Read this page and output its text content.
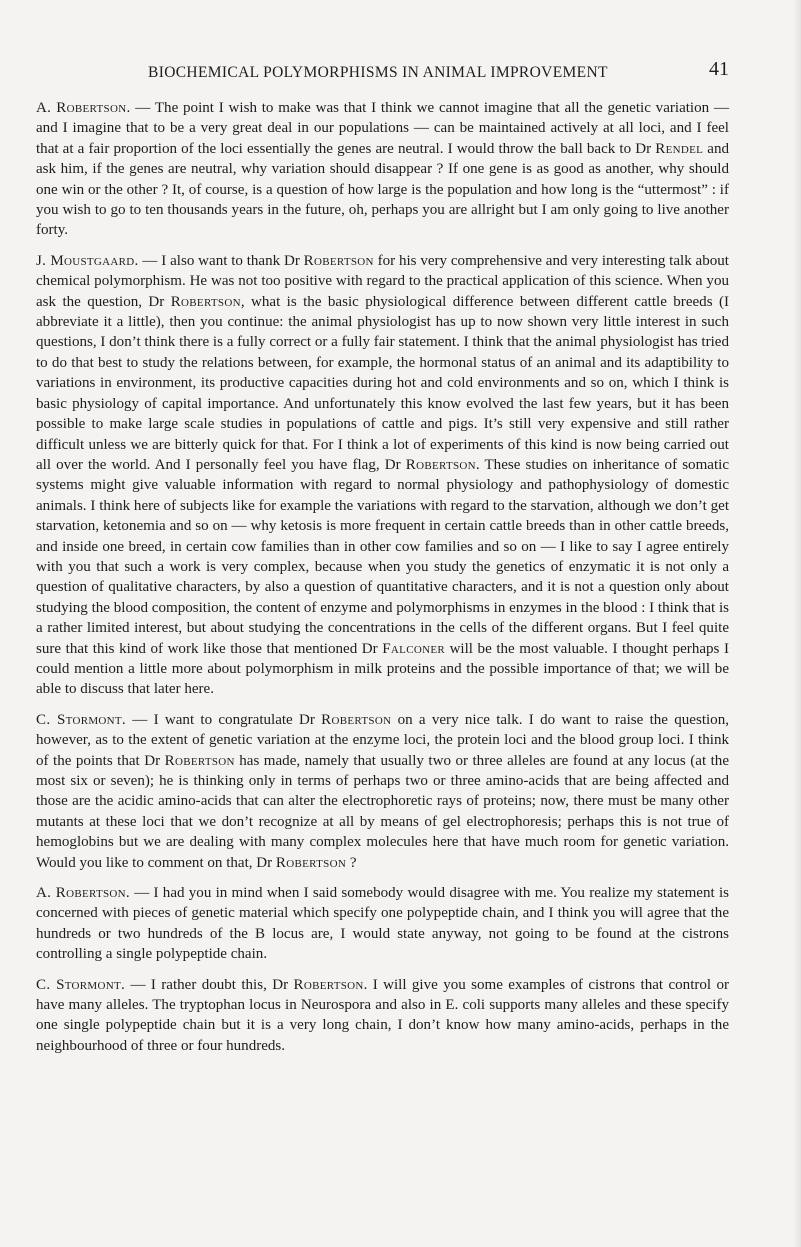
BIOCHEMICAL POLYMORPHISMS IN ANIMAL IMPROVEMENT	41

A. Robertson. — The point I wish to make was that I think we cannot imagine that all the genetic variation — and I imagine that to be a very great deal in our populations — can be maintained actively at all loci, and I feel that at a fair proportion of the loci essentially the genes are neutral. I would throw the ball back to Dr Rendel and ask him, if the genes are neutral, why variation should disappear ? If one gene is as good as another, why should one win or the other ? It, of course, is a question of how large is the population and how long is the “uttermost” : if you wish to go to ten thousands years in the future, oh, perhaps you are allright but I am only going to live another forty.

J. Moustgaard. — I also want to thank Dr Robertson for his very comprehensive and very interesting talk about chemical polymorphism. He was not too positive with regard to the practical application of this science. When you ask the question, Dr Robertson, what is the basic physiological difference between different cattle breeds (I abbreviate it a little), then you continue: the animal physiologist has up to now shown very little interest in such questions, I don’t think there is a fully correct or a fully fair statement. I think that the animal physiologist has tried to do that best to study the relations between, for example, the hormonal status of an animal and its adaptibility to variations in environment, its productive capacities during hot and cold environments and so on, which I think is basic physiology of capital importance. And unfortunately this know evolved the last few years, but it has been possible to make large scale studies in populations of cattle and pigs. It’s still very expensive and still rather difficult unless we are bitterly quick for that. For I think a lot of experiments of this kind is now being carried out all over the world. And I personally feel you have flag, Dr Robertson. These studies on inheritance of somatic systems might give valuable information with regard to normal physiology and pathophysiology of domestic animals. I think here of subjects like for example the variations with regard to the starvation, although we don’t get starvation, ketonemia and so on — why ketosis is more frequent in certain cattle breeds than in other cattle breeds, and inside one breed, in certain cow families than in other cow families and so on — I like to say I agree entirely with you that such a work is very complex, because when you study the genetics of enzymatic it is not only a question of qualitative characters, by also a question of quantitative characters, and it is not a question only about studying the blood composition, the content of enzyme and polymorphisms in enzymes in the blood : I think that is a rather limited interest, but about studying the concentrations in the cells of the different organs. But I feel quite sure that this kind of work like those that mentioned Dr Falconer will be the most valuable. I thought perhaps I could mention a little more about polymorphism in milk proteins and the possible importance of that; we will be able to discuss that later here.

C. Stormont. — I want to congratulate Dr Robertson on a very nice talk. I do want to raise the question, however, as to the extent of genetic variation at the enzyme loci, the protein loci and the blood group loci. I think of the points that Dr Robertson has made, namely that usually two or three alleles are found at any locus (at the most six or seven); he is thinking only in terms of perhaps two or three amino-acids that are being affected and those are the acidic amino-acids that can alter the electrophoretic rays of proteins; now, there must be many other mutants at these loci that we don’t recognize at all by means of gel electrophoresis; perhaps this is not true of hemoglobins but we are dealing with many complex molecules here that have much room for genetic variation. Would you like to comment on that, Dr Robertson ?

A. Robertson. — I had you in mind when I said somebody would disagree with me. You realize my statement is concerned with pieces of genetic material which specify one polypeptide chain, and I think you will agree that the hundreds or two hundreds of the B locus are, I would state anyway, not going to be found at the cistrons controlling a single polypeptide chain.

C. Stormont. — I rather doubt this, Dr Robertson. I will give you some examples of cistrons that control or have many alleles. The tryptophan locus in Neurospora and also in E. coli supports many alleles and these specify one single polypeptide chain but it is a very long chain, I don’t know how many amino-acids, perhaps in the neighbourhood of three or four hundreds.
